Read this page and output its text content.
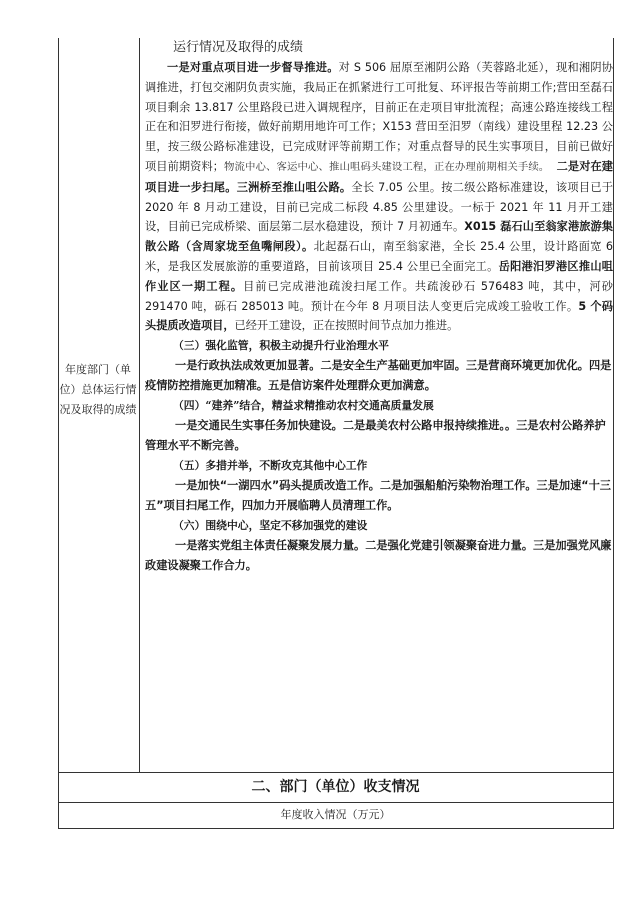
年度部门（单位）总体运行情况及取得的成绩

运行情况及取得的成绩

一是对重点项目进一步督导推进。对 S 506 屈原至湘阴公路（芙蓉路北延），现和湘阴协调推进，打包交湘阴负责实施，我局正在抓紧进行工可批复、环评报告等前期工作;营田至磊石项目剩余 13.817 公里路段已进入调规程序，目前正在走项目审批流程；高速公路连接线工程正在和汨罗进行衔接，做好前期用地许可工作；X153 营田至汨罗（南线）建设里程 12.23 公里，按三级公路标准建设，已完成财评等前期工作；对重点督导的民生实事项目，目前已做好项目前期资料；物流中心、客运中心、推山咀码头建设工程，正在办理前期相关手续。 二是对在建项目进一步扫尾。三洲桥至推山咀公路。全长 7.05 公里。按二级公路标准建设，该项目已于 2020 年 8 月动工建设，目前已完成二标段 4.85 公里建设。一标于 2021 年 11 月开工建设，目前已完成桥梁、面层第二层水稳建设，预计 7 月初通车。X015 磊石山至翁家港旅游集散公路（含周家垅至鱼嘴闸段）。北起磊石山，南至翁家港，全长 25.4 公里，设计路面宽 6 米，是我区发展旅游的重要道路，目前该项目 25.4 公里已全面完工。岳阳港汨罗港区推山咀作业区一期工程。目前已完成港池疏浚扫尾工作。共疏浚砂石 576483 吨，其中，河砂 291470 吨，砾石 285013 吨。预计在今年 8 月项目法人变更后完成竣工验收工作。5 个码头提质改造项目，已经开工建设，正在按照时间节点加力推进。

（三）强化监管，积极主动提升行业治理水平

一是行政执法成效更加显著。二是安全生产基础更加牢固。三是营商环境更加优化。四是疫情防控措施更加精准。五是信访案件处理群众更加满意。

（四）“建养”结合，精益求精推动农村交通高质量发展

一是交通民生实事任务加快建设。二是最美农村公路申报持续推进。。三是农村公路养护管理水平不断完善。

（五）多措并举，不断攻克其他中心工作

一是加快“一湖四水”码头提质改造工作。二是加强船舶污染物治理工作。三是加速“十三五”项目扫尾工作，四加力开展临聘人员清理工作。

（六）围绕中心，坚定不移加强党的建设

一是落实党组主体责任凝聚发展力量。二是强化党建引领凝聚奋进力量。三是加强党风廉政建设凝聚工作合力。

二、部门（单位）收支情况
年度收入情况（万元）
